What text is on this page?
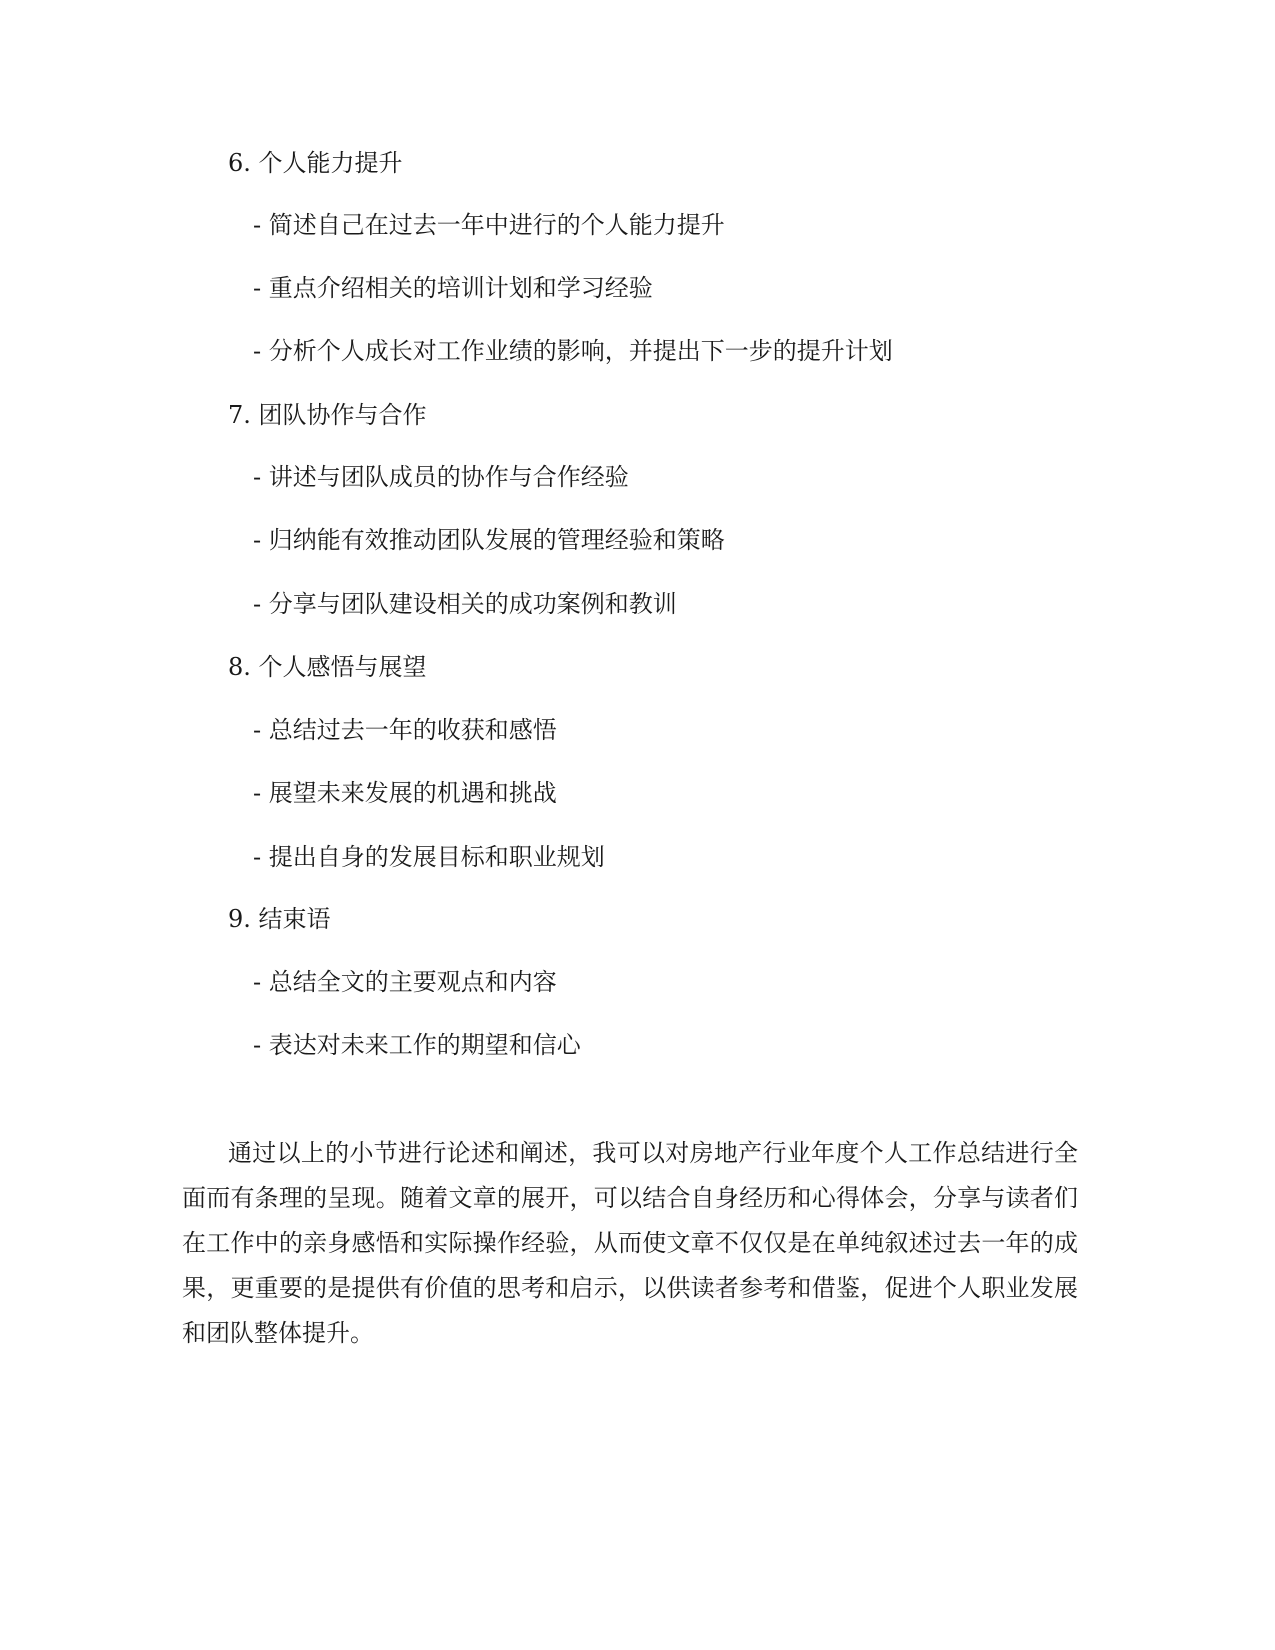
6. 个人能力提升
- 简述自己在过去一年中进行的个人能力提升
- 重点介绍相关的培训计划和学习经验
- 分析个人成长对工作业绩的影响，并提出下一步的提升计划
7. 团队协作与合作
- 讲述与团队成员的协作与合作经验
- 归纳能有效推动团队发展的管理经验和策略
- 分享与团队建设相关的成功案例和教训
8. 个人感悟与展望
- 总结过去一年的收获和感悟
- 展望未来发展的机遇和挑战
- 提出自身的发展目标和职业规划
9. 结束语
- 总结全文的主要观点和内容
- 表达对未来工作的期望和信心

通过以上的小节进行论述和阐述，我可以对房地产行业年度个人工作总结进行全面而有条理的呈现。随着文章的展开，可以结合自身经历和心得体会，分享与读者们在工作中的亲身感悟和实际操作经验，从而使文章不仅仅是在单纯叙述过去一年的成果，更重要的是提供有价值的思考和启示，以供读者参考和借鉴，促进个人职业发展和团队整体提升。
